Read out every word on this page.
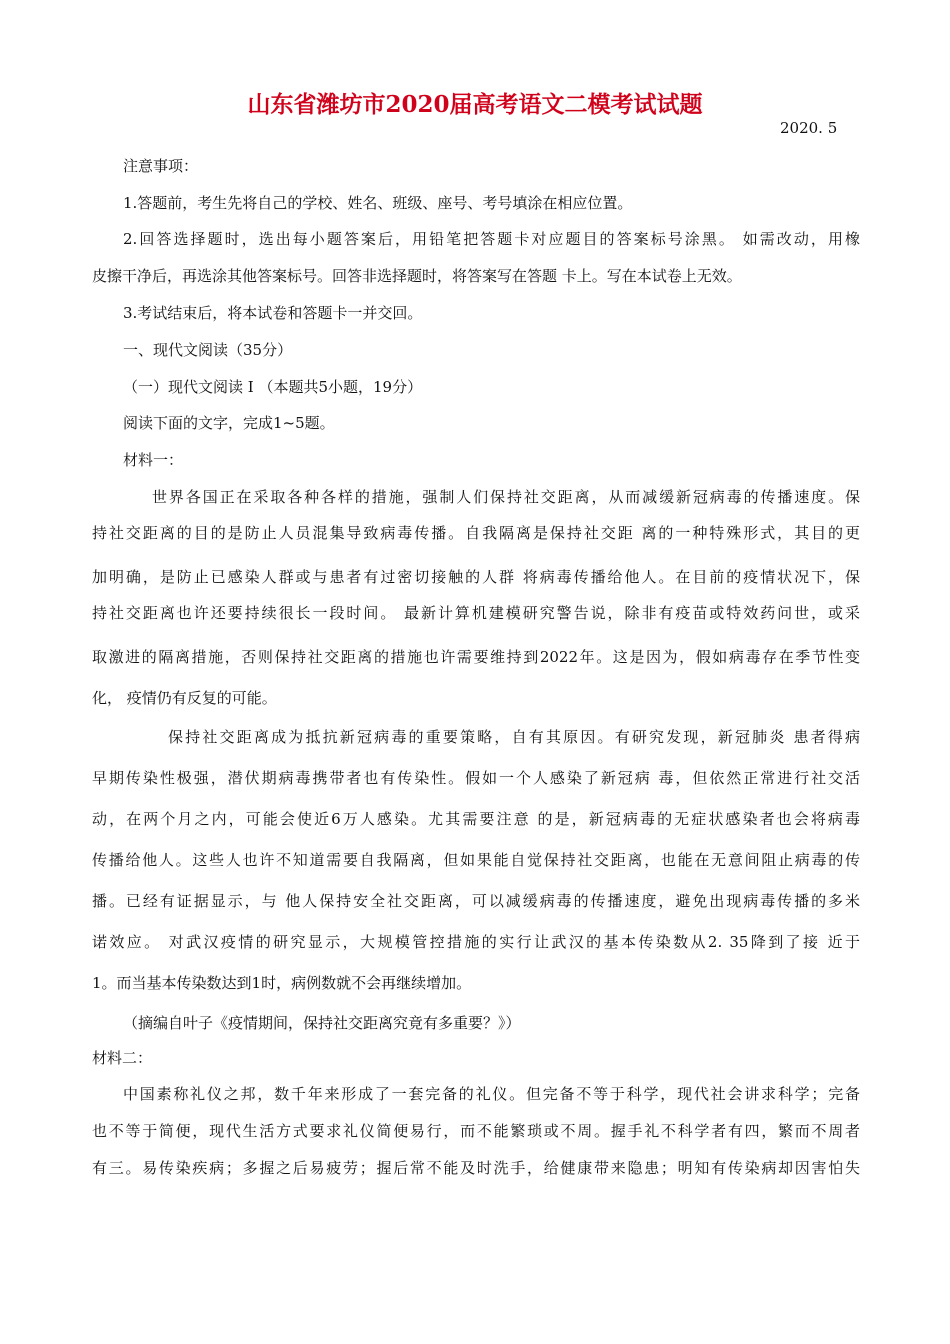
山东省潍坊市2020届高考语文二模考试试题
2020. 5
注意事项：
1.答题前，考生先将自己的学校、姓名、班级、座号、考号填涂在相应位置。
2.回答选择题时，选出每小题答案后，用铅笔把答题卡对应题目的答案标号涂黑。 如需改动，用橡
皮擦干净后，再选涂其他答案标号。回答非选择题时，将答案写在答题 卡上。写在本试卷上无效。
3.考试结束后，将本试卷和答题卡一并交回。
一、现代文阅读（35分）
（一）现代文阅读 I （本题共5小题，19分）
阅读下面的文字，完成1~5题。
材料一：
世界各国正在采取各种各样的措施，强制人们保持社交距离，从而减缓新冠病毒的传播速度。保
持社交距离的目的是防止人员混集导致病毒传播。自我隔离是保持社交距 离的一种特殊形式，其目的更
加明确，是防止已感染人群或与患者有过密切接触的人群 将病毒传播给他人。在目前的疫情状况下，保
持社交距离也许还要持续很长一段时间。 最新计算机建模研究警告说，除非有疫苗或特效药问世，或采
取激进的隔离措施，否则保持社交距离的措施也许需要维持到2022年。这是因为，假如病毒存在季节性变
化， 疫情仍有反复的可能。
保持社交距离成为抵抗新冠病毒的重要策略，自有其原因。有研究发现，新冠肺炎 患者得病
早期传染性极强，潜伏期病毒携带者也有传染性。假如一个人感染了新冠病 毒，但依然正常进行社交活
动，在两个月之内，可能会使近6万人感染。尤其需要注意 的是，新冠病毒的无症状感染者也会将病毒
传播给他人。这些人也许不知道需要自我隔离，但如果能自觉保持社交距离，也能在无意间阻止病毒的传
播。已经有证据显示，与 他人保持安全社交距离，可以减缓病毒的传播速度，避免出现病毒传播的多米
诺效应。 对武汉疫情的研究显示，大规模管控措施的实行让武汉的基本传染数从2. 35降到了接 近于
1。而当基本传染数达到1时，病例数就不会再继续增加。
（摘编自叶子《疫情期间，保持社交距离究竟有多重要？》）
材料二：
中国素称礼仪之邦，数千年来形成了一套完备的礼仪。但完备不等于科学，现代社会讲求科学；完备
也不等于简便，现代生活方式要求礼仪简便易行，而不能繁琐或不周。握手礼不科学者有四，繁而不周者
有三。易传染疾病；多握之后易疲劳；握后常不能及时洗手，给健康带来隐患；明知有传染病却因害怕失
